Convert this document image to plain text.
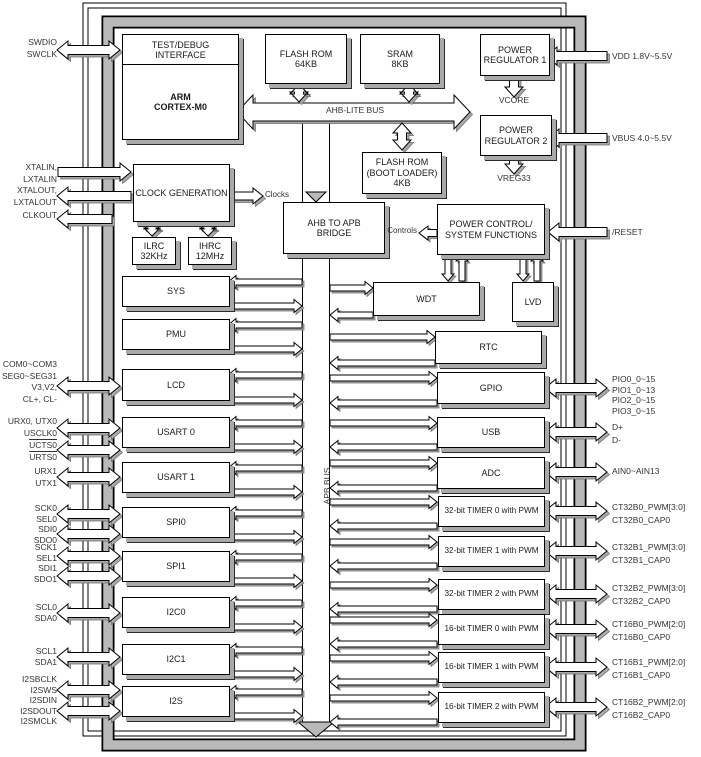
TEST/DEBUG
INTERFACE
ARM
CORTEX-M0
FLASH ROM
64KB
SRAM
8KB
POWER
REGULATOR 1
POWER
REGULATOR 2
FLASH ROM
(BOOT LOADER)
4KB
CLOCK GENERATION
ILRC
32KHz
IHRC
12MHz
AHB TO APB
BRIDGE
POWER CONTROL/
SYSTEM FUNCTIONS
WDT	LVD
RTC
SYS
PMU
LCD
USART 0
USART 1
SPI0
SPI1
I2C0
I2C1
I2S
GPIO
USB
ADC
32-bit TIMER 0 with PWM
32-bit TIMER 1 with PWM
32-bit TIMER 2 with PWM
16-bit TIMER 0 with PWM
16-bit TIMER 1 with PWM
16-bit TIMER 2 with PWM
AHB-LITE BUS
APB BUS
Clocks
Controls
VCORE
VREG33
SWDIO
SWCLK
XTALIN,
LXTALIN
XTALOUT,
LXTALOUT
CLKOUT
COM0~COM3
SEG0~SEG31
V3,V2,
CL+, CL-
URX0, UTX0
USCLK0
UCTS0
URTS0
URX1
UTX1
SCK0
SEL0
SDI0
SDO0
SCK1
SEL1
SDI1
SDO1
SCL0
SDA0
SCL1
SDA1
I2SBCLK
I2SWS
I2SDIN
I2SDOUT
I2SMCLK
VDD 1.8V~5.5V
VBUS 4.0~5.5V
/RESET
PIO0_0~15
PIO1_0~13
PIO2_0~15
PIO3_0~15
D+
D-
AIN0~AIN13
CT32B0_PWM[3:0]
CT32B0_CAP0
CT32B1_PWM[3:0]
CT32B1_CAP0
CT32B2_PWM[3:0]
CT32B2_CAP0
CT16B0_PWM[2:0]
CT16B0_CAP0
CT16B1_PWM[2:0]
CT16B1_CAP0
CT16B2_PWM[2:0]
CT16B2_CAP0
